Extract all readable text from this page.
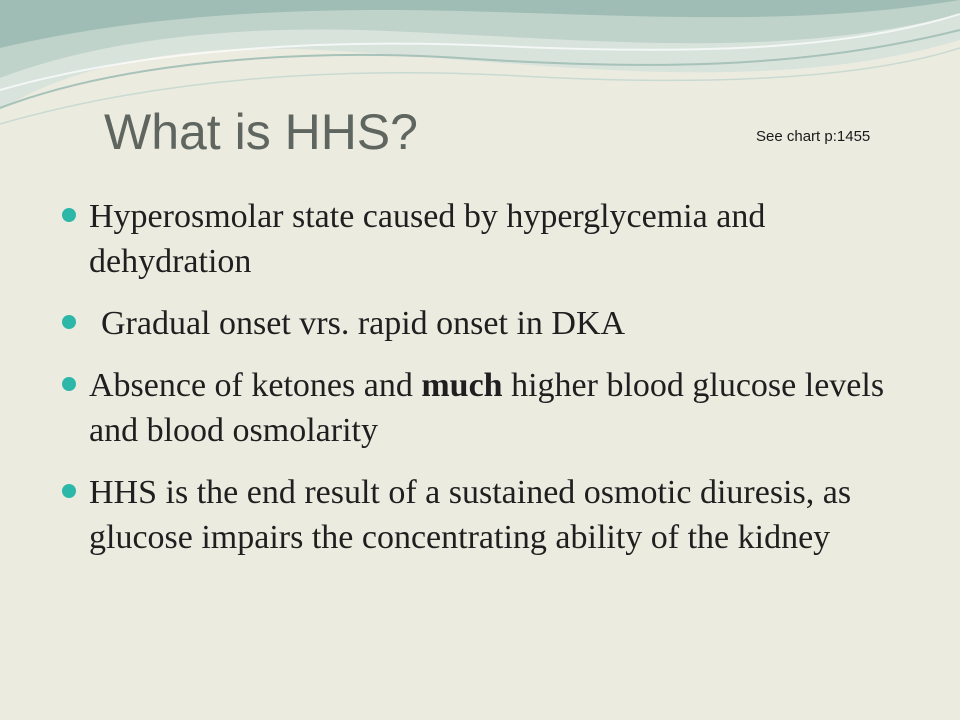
What is HHS?	See chart p:1455
Hyperosmolar state caused by hyperglycemia and dehydration
Gradual onset vrs. rapid onset in DKA
Absence of ketones and much higher blood glucose levels and blood osmolarity
HHS is the end result of a sustained osmotic diuresis, as glucose impairs the concentrating ability of the kidney
